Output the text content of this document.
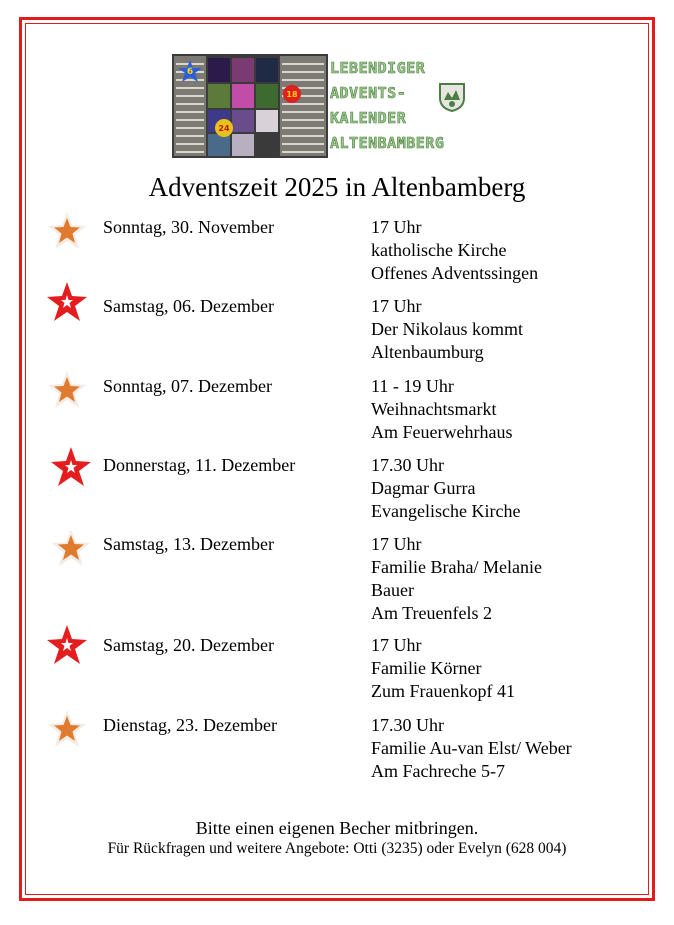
6
18
24
LEBENDIGER
ADVENTS-
KALENDER
ALTENBAMBERG
Adventszeit 2025 in Altenbamberg
Sonntag, 30. November	17 Uhr
katholische Kirche
Offenes Adventssingen
Samstag, 06. Dezember	17 Uhr
Der Nikolaus kommt
Altenbaumburg
Sonntag, 07. Dezember	11 - 19 Uhr
Weihnachtsmarkt
Am Feuerwehrhaus
Donnerstag, 11. Dezember	17.30 Uhr
Dagmar Gurra
Evangelische Kirche
Samstag, 13. Dezember	17 Uhr
Familie Braha/ Melanie Bauer
Am Treuenfels 2
Samstag, 20. Dezember	17 Uhr
Familie Körner
Zum Frauenkopf 41
Dienstag, 23. Dezember	17.30 Uhr
Familie Au-van Elst/ Weber
Am Fachreche 5-7
Bitte einen eigenen Becher mitbringen.
Für Rückfragen und weitere Angebote: Otti (3235) oder Evelyn (628 004)
